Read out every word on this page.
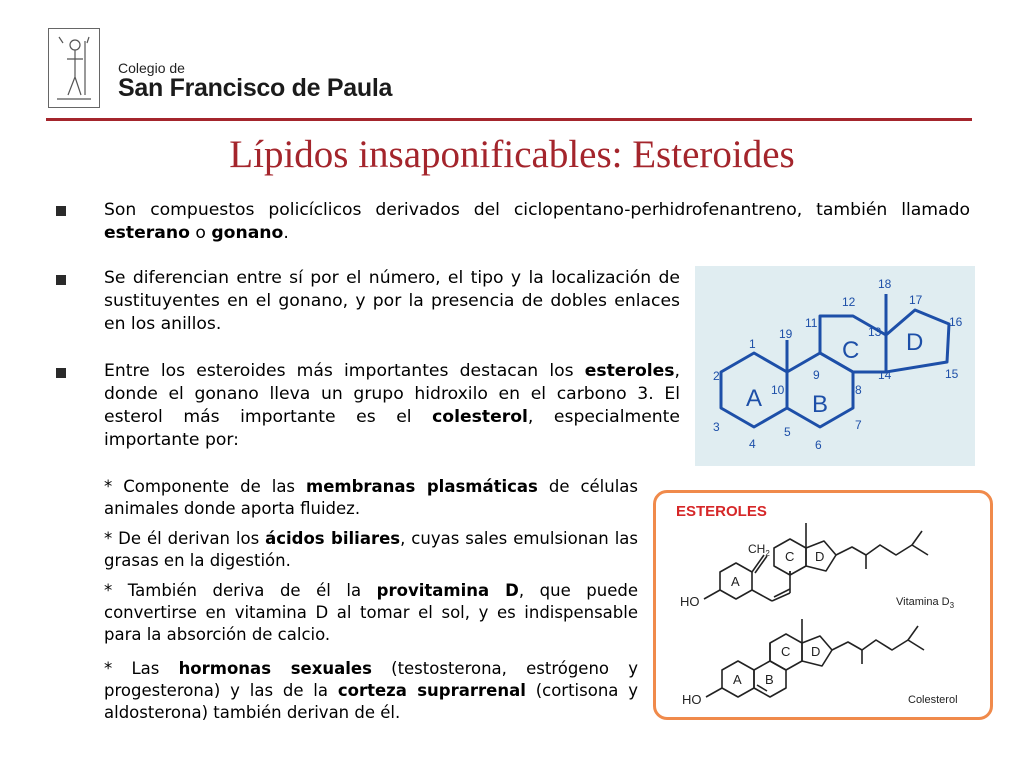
Colegio de
San Francisco de Paula
Lípidos insaponificables: Esteroides
Son compuestos policíclicos derivados del ciclopentano-perhidrofenantreno, también llamado esterano o gonano.
Se diferencian entre sí por el número, el tipo y la localización de sustituyentes en el gonano, y por la presencia de dobles enlaces en los anillos.
Entre los esteroides más importantes destacan los esteroles, donde el gonano lleva un grupo hidroxilo en el carbono 3. El esterol más importante es el colesterol, especialmente importante por:
* Componente de las membranas plasmáticas de células animales donde aporta fluidez.
* De él derivan los ácidos biliares, cuyas sales emulsionan las grasas en la digestión.
* También deriva de él la provitamina D, que puede convertirse en vitamina D al tomar el sol, y es indispensable para la absorción de calcio.
* Las hormonas sexuales (testosterona, estrógeno y progesterona) y las de la corteza suprarrenal (cortisona y aldosterona) también derivan de él.
A B
C D
1
2
3
4
5
6
7
8
9
10
11
12
13
14	15
16
17
18
19
ESTEROLES
A
C D
A B
C D
$CH_2$
HO
HO
Vitamina $D_3$
Colesterol
